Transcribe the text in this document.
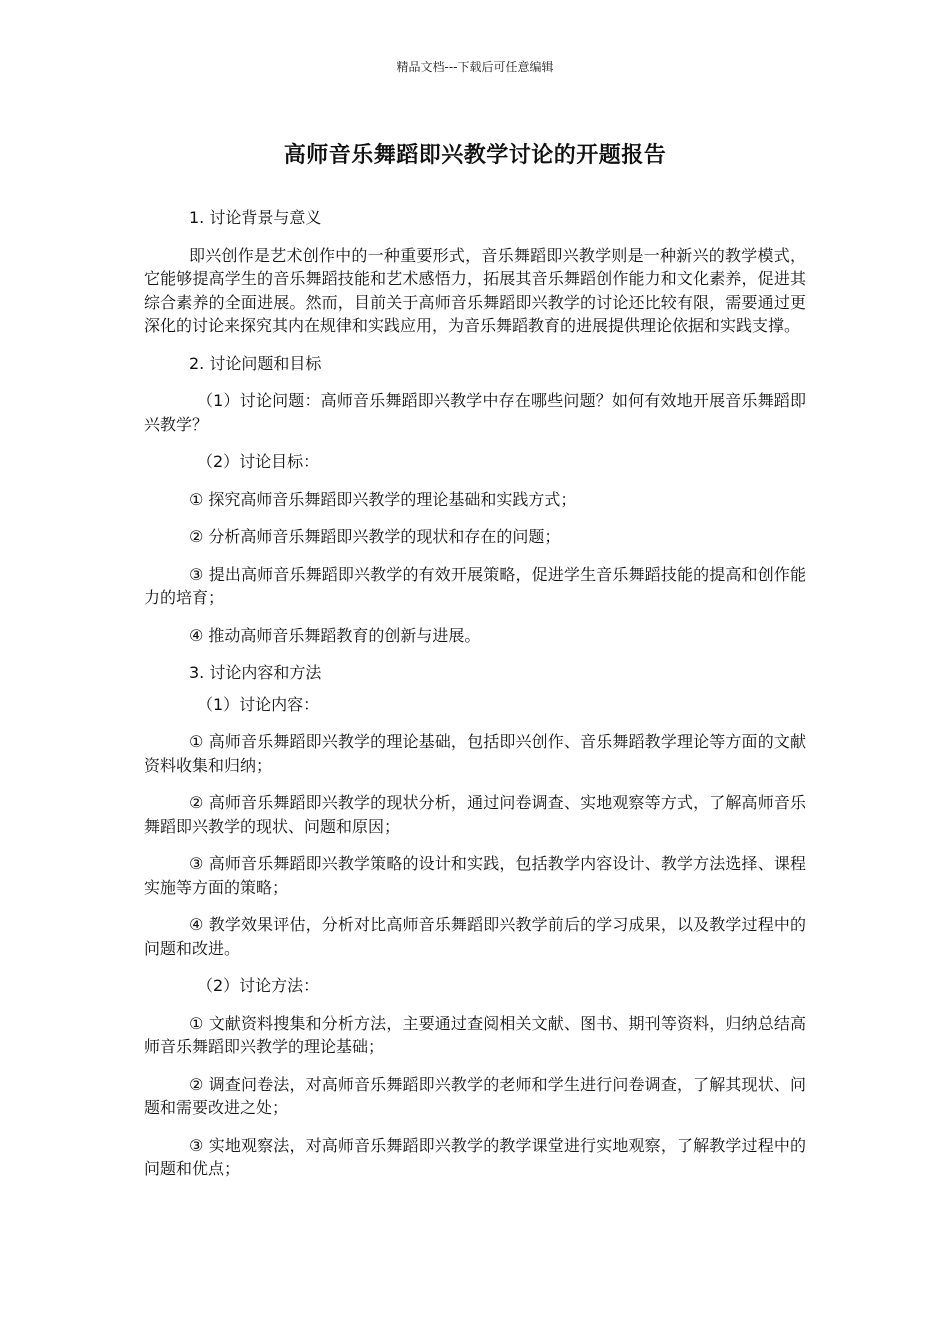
精品文档---下载后可任意编辑
高师音乐舞蹈即兴教学讨论的开题报告

1. 讨论背景与意义

即兴创作是艺术创作中的一种重要形式，音乐舞蹈即兴教学则是一种新兴的教学模式，它能够提高学生的音乐舞蹈技能和艺术感悟力，拓展其音乐舞蹈创作能力和文化素养，促进其综合素养的全面进展。然而，目前关于高师音乐舞蹈即兴教学的讨论还比较有限，需要通过更深化的讨论来探究其内在规律和实践应用，为音乐舞蹈教育的进展提供理论依据和实践支撑。

2. 讨论问题和目标

（1）讨论问题：高师音乐舞蹈即兴教学中存在哪些问题？如何有效地开展音乐舞蹈即兴教学？

（2）讨论目标：

① 探究高师音乐舞蹈即兴教学的理论基础和实践方式；

② 分析高师音乐舞蹈即兴教学的现状和存在的问题；

③ 提出高师音乐舞蹈即兴教学的有效开展策略，促进学生音乐舞蹈技能的提高和创作能力的培育；

④ 推动高师音乐舞蹈教育的创新与进展。

3. 讨论内容和方法

（1）讨论内容：

① 高师音乐舞蹈即兴教学的理论基础，包括即兴创作、音乐舞蹈教学理论等方面的文献资料收集和归纳；

② 高师音乐舞蹈即兴教学的现状分析，通过问卷调查、实地观察等方式，了解高师音乐舞蹈即兴教学的现状、问题和原因；

③ 高师音乐舞蹈即兴教学策略的设计和实践，包括教学内容设计、教学方法选择、课程实施等方面的策略；

④ 教学效果评估，分析对比高师音乐舞蹈即兴教学前后的学习成果，以及教学过程中的问题和改进。

（2）讨论方法：

① 文献资料搜集和分析方法，主要通过查阅相关文献、图书、期刊等资料，归纳总结高师音乐舞蹈即兴教学的理论基础；

② 调查问卷法，对高师音乐舞蹈即兴教学的老师和学生进行问卷调查，了解其现状、问题和需要改进之处；

③ 实地观察法，对高师音乐舞蹈即兴教学的教学课堂进行实地观察，了解教学过程中的问题和优点；
